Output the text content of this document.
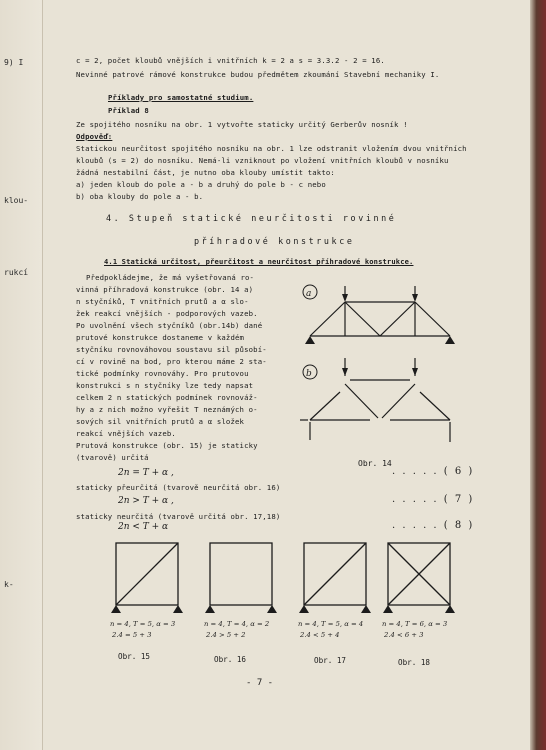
9) I
klou-
rukcí
k-
c = 2, počet kloubů vnějších i vnitřních k = 2 a s = 3.3.2 - 2 = 16.
Nevinné patrové rámové konstrukce budou předmětem zkoumání Stavební mechaniky I.
Příklady pro samostatné studium.
Příklad 8
Ze spojitého nosníku na obr. 1 vytvořte staticky určitý Gerberův nosník !
Odpověď:
Statickou neurčitost spojitého nosníku na obr. 1 lze odstranit vložením dvou vnitřních
kloubů (s = 2) do nosníku. Nemá-li vzniknout po vložení vnitřních kloubů v nosníku
žádná nestabilní část, je nutno oba klouby umístit takto:
a) jeden kloub do pole a - b a druhý do pole b - c nebo
b) oba klouby do pole a - b.
4. Stupeň statické neurčitosti rovinné
příhradové konstrukce
4.1 Statická určitost, přeurčitost a neurčitost příhradové konstrukce.
Předpokládejme, že má vyšetřovaná ro-
vinná příhradová konstrukce (obr. 14 a)
n styčníků, T vnitřních prutů a α slo-
žek reakcí vnějších - podporových vazeb.
Po uvolnění všech styčníků (obr.14b) dané
prutové konstrukce dostaneme v každém
styčníku rovnováhovou soustavu sil působí-
cí v rovině na bod, pro kterou máme 2 sta-
tické podmínky rovnováhy. Pro prutovou
konstrukci s n styčníky lze tedy napsat
celkem 2 n statických podmínek rovnováž-
hy a z nich možno vyřešit T neznámých o-
sových sil vnitřních prutů a α složek
reakcí vnějších vazeb.
Prutová konstrukce (obr. 15) je staticky
(tvarově) určitá
2n = T + α ,	. . . . . ( 6 )
staticky přeurčitá (tvarově neurčitá obr. 16)
2n > T + α ,	. . . . . ( 7 )
staticky neurčitá (tvarově určitá obr. 17,18)
2n < T + α	. . . . . ( 8 )
a
b
Obr. 14
n = 4, T = 5, α = 3
2.4 = 5 + 3
n = 4, T = 4, α = 2
2.4 > 5 + 2
n = 4, T = 5, α = 4
2.4 < 5 + 4
n = 4, T = 6, α = 3
2.4 < 6 + 3
Obr. 15	Obr. 16	Obr. 17	Obr. 18
- 7 -
